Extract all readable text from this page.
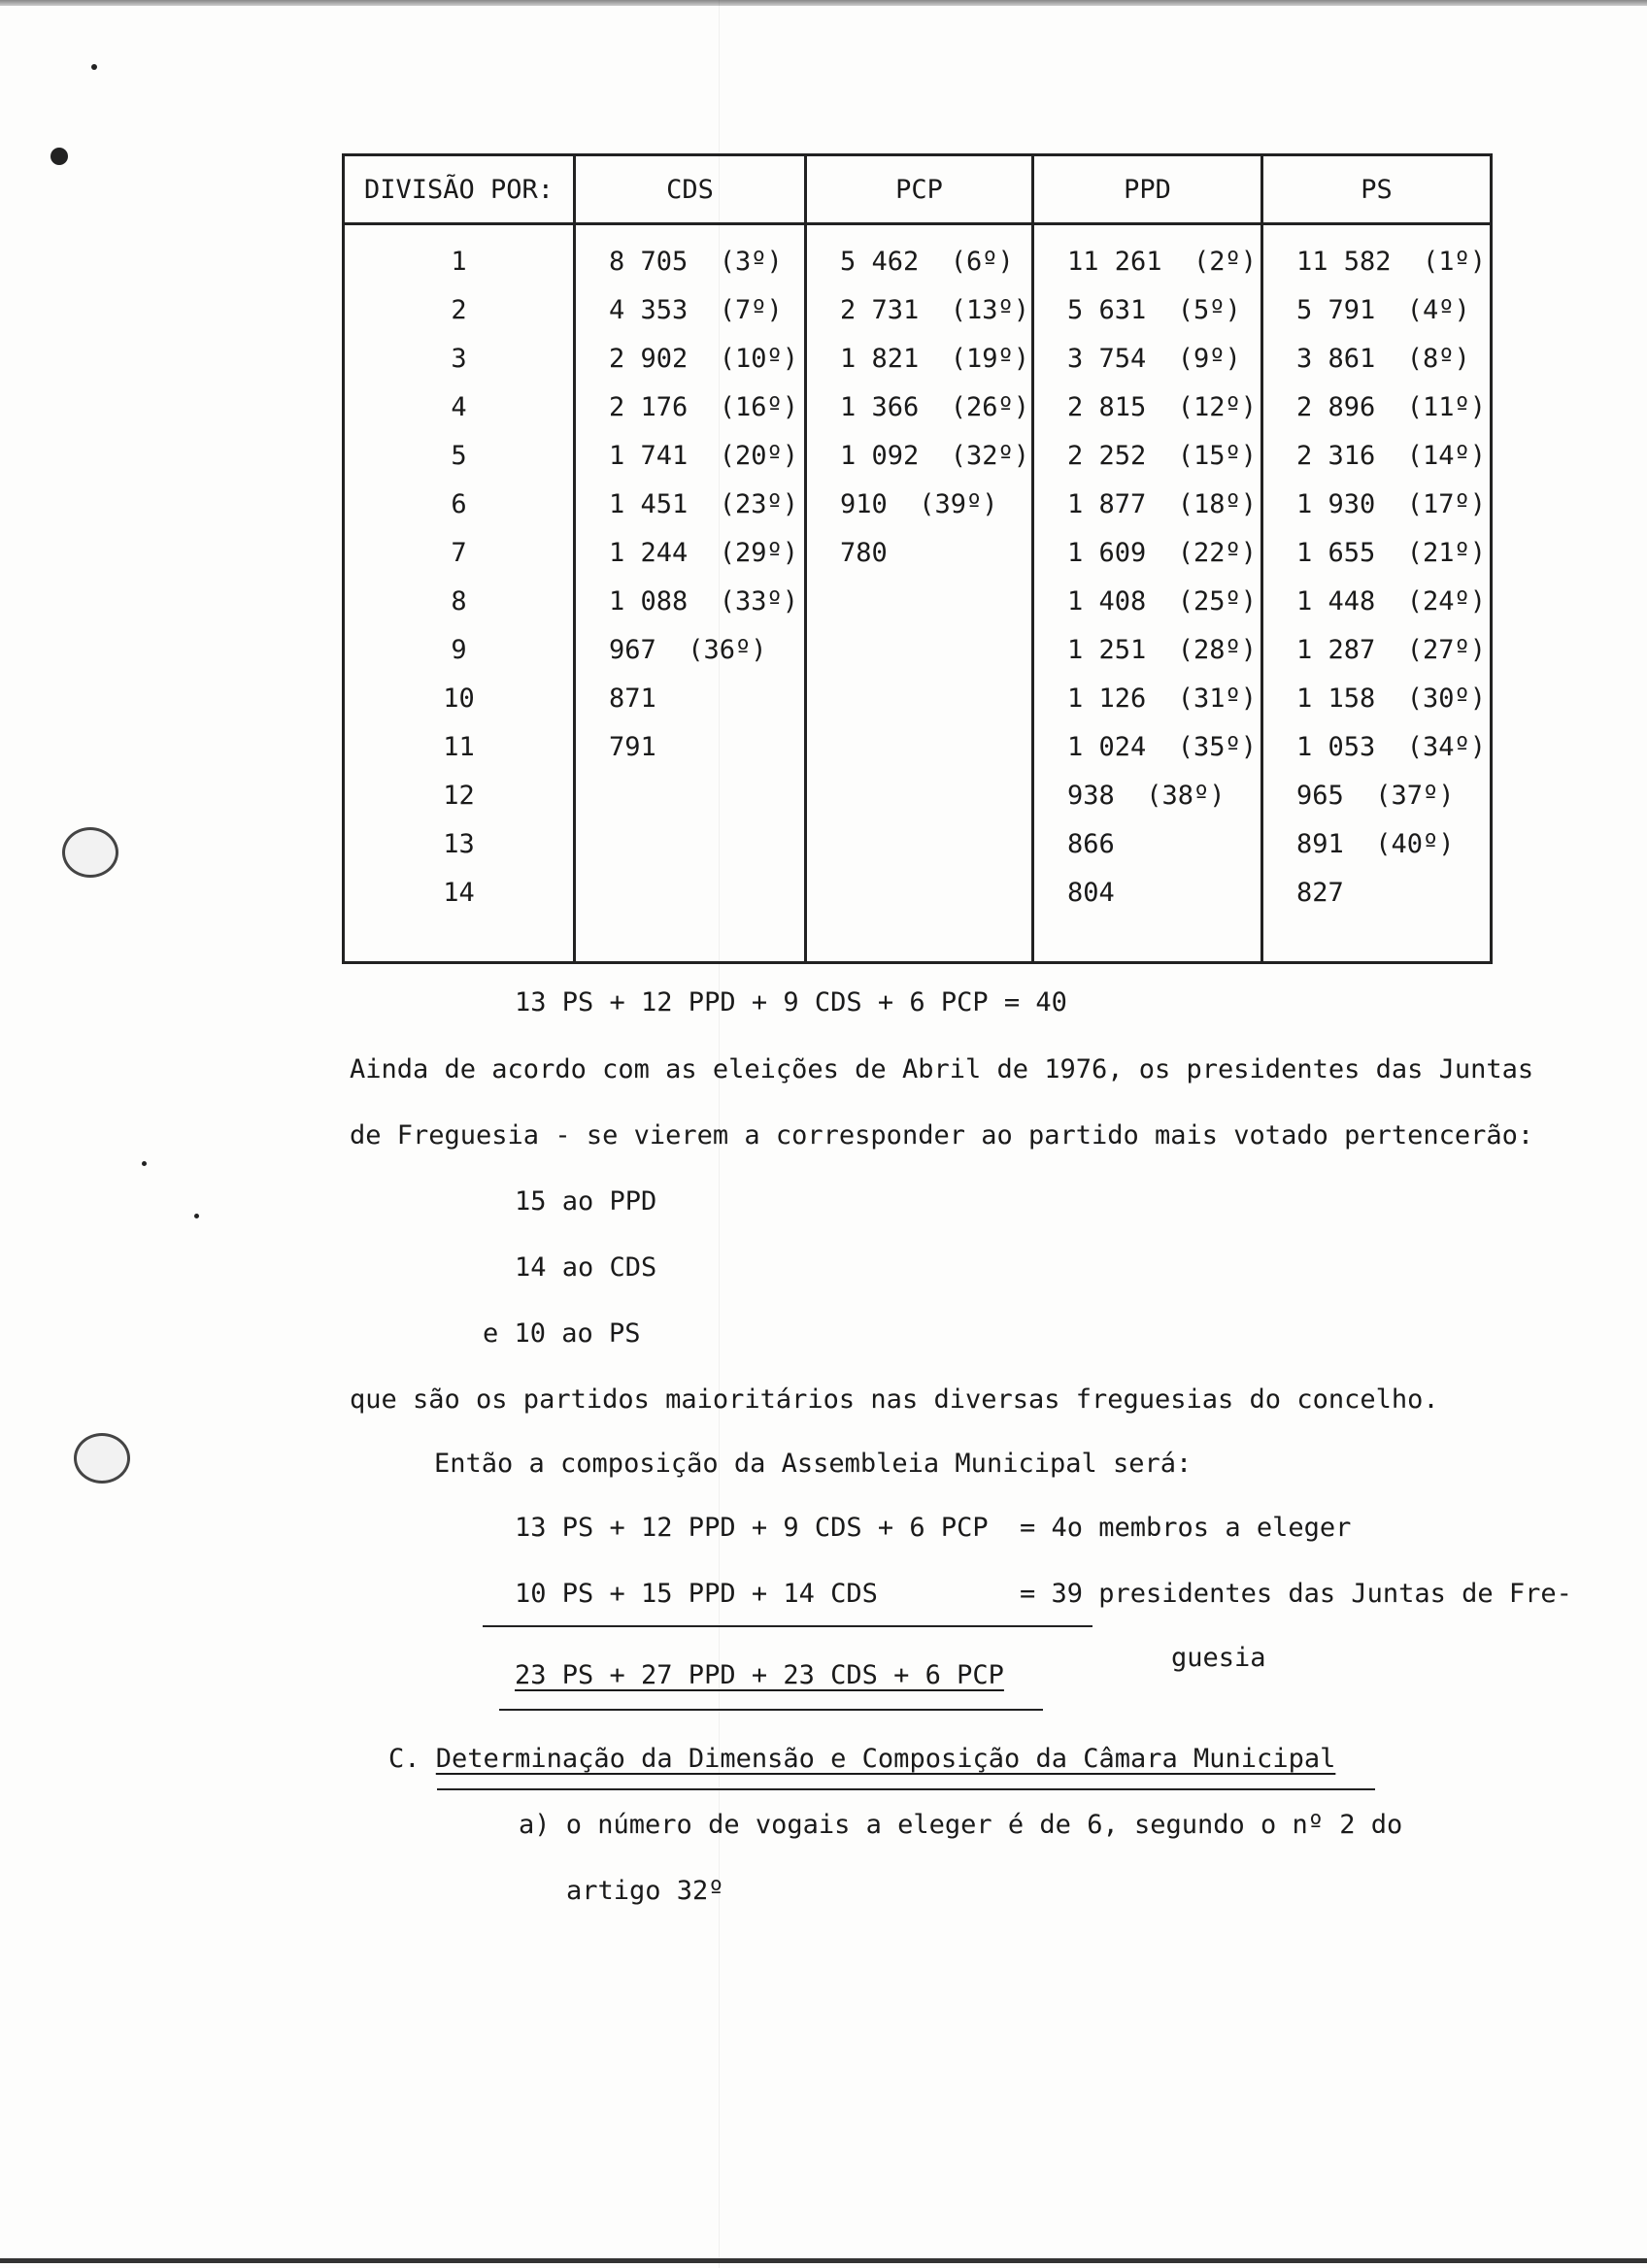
DIVISÃO POR:	CDS	PCP	PPD	PS
1	8 705  (3º)	5 462  (6º)	11 261  (2º)	11 582  (1º)
2	4 353  (7º)	2 731  (13º)	5 631  (5º)	5 791  (4º)
3	2 902  (10º)	1 821  (19º)	3 754  (9º)	3 861  (8º)
4	2 176  (16º)	1 366  (26º)	2 815  (12º)	2 896  (11º)
5	1 741  (20º)	1 092  (32º)	2 252  (15º)	2 316  (14º)
6	1 451  (23º)	910  (39º)	1 877  (18º)	1 930  (17º)
7	1 244  (29º)	780	1 609  (22º)	1 655  (21º)
8	1 088  (33º)		1 408  (25º)	1 448  (24º)
9	967  (36º)		1 251  (28º)	1 287  (27º)
10	871		1 126  (31º)	1 158  (30º)
11	791		1 024  (35º)	1 053  (34º)
12			938  (38º)	965  (37º)
13			866	891  (40º)
14			804	827

13 PS + 12 PPD + 9 CDS + 6 PCP = 40
Ainda de acordo com as eleições de Abril de 1976, os presidentes das Juntas
de Freguesia - se vierem a corresponder ao partido mais votado pertencerão:
15 ao PPD
14 ao CDS
e 10 ao PS
que são os partidos maioritários nas diversas freguesias do concelho.
Então a composição da Assembleia Municipal será:
13 PS + 12 PPD + 9 CDS + 6 PCP = 4o membros a eleger
10 PS + 15 PPD + 14 CDS	= 39 presidentes das Juntas de Fre-
guesia
23 PS + 27 PPD + 23 CDS + 6 PCP
C. Determinação da Dimensão e Composição da Câmara Municipal
a) o número de vogais a eleger é de 6, segundo o nº 2 do
artigo 32º
